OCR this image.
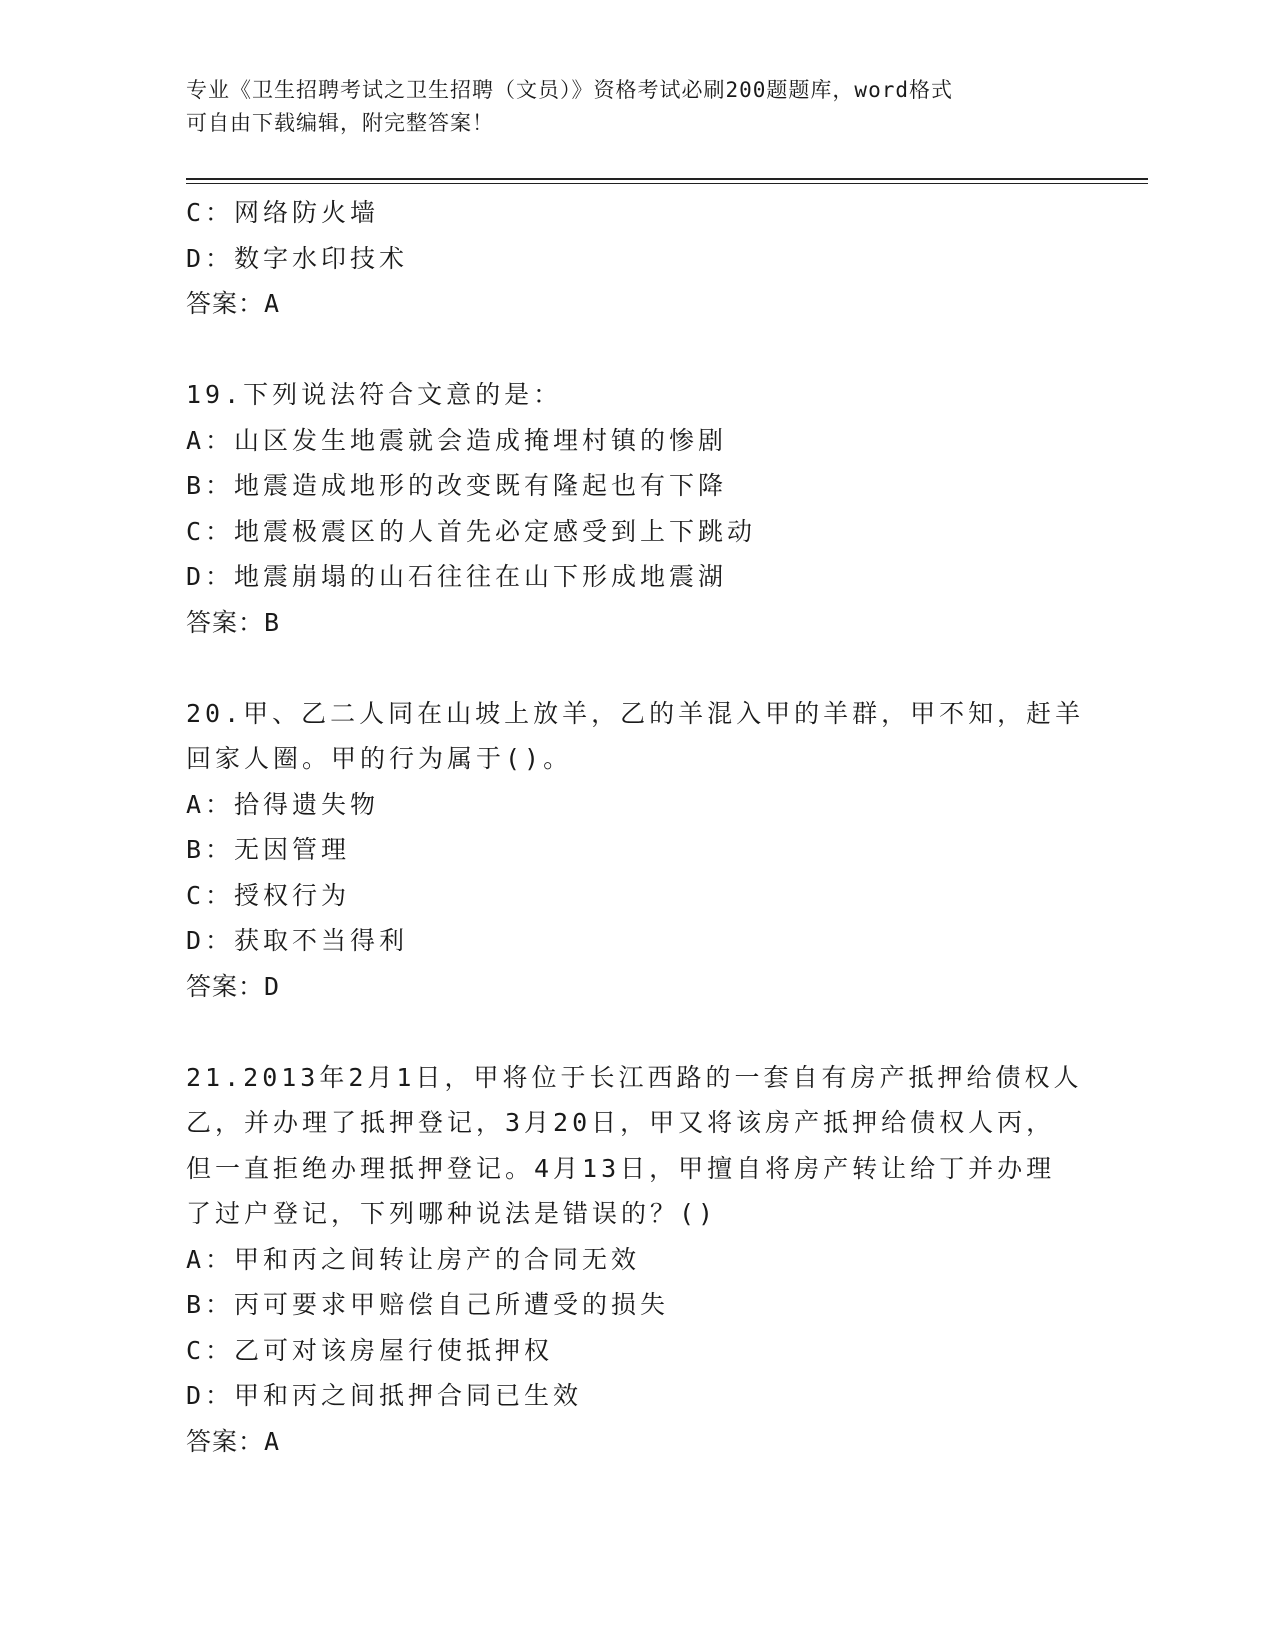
专业《卫生招聘考试之卫生招聘（文员）》资格考试必刷200题题库，word格式
可自由下载编辑，附完整答案！
C：网络防火墙
D：数字水印技术
答案：A
19.下列说法符合文意的是：
A：山区发生地震就会造成掩埋村镇的惨剧
B：地震造成地形的改变既有隆起也有下降
C：地震极震区的人首先必定感受到上下跳动
D：地震崩塌的山石往往在山下形成地震湖
答案：B
20.甲、乙二人同在山坡上放羊，乙的羊混入甲的羊群，甲不知，赶羊
回家人圈。甲的行为属于()。
A：拾得遗失物
B：无因管理
C：授权行为
D：获取不当得利
答案：D
21.2013年2月1日，甲将位于长江西路的一套自有房产抵押给债权人
乙，并办理了抵押登记，3月20日，甲又将该房产抵押给债权人丙，
但一直拒绝办理抵押登记。4月13日，甲擅自将房产转让给丁并办理
了过户登记，下列哪种说法是错误的？()
A：甲和丙之间转让房产的合同无效
B：丙可要求甲赔偿自己所遭受的损失
C：乙可对该房屋行使抵押权
D：甲和丙之间抵押合同已生效
答案：A
